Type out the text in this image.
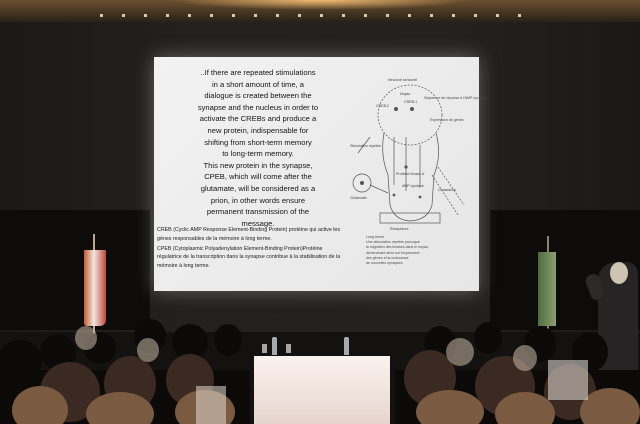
..If there are repeated stimulations
in a short amount of time, a
dialogue is created between the
synapse and the nucleus in order to
activate the CREBs and produce a
new protein, indispensable for
shifting from short-term memory
to long-term memory.
This new protein in the synapse,
CPEB, which will come after the
glutamate, will be considered as a
prion, in other words ensure
permanent transmission of the
message.

CREB (Cyclic AMP Response Element-Binding Protein) protéine qui active les gènes responsables de la mémoire à long terme.

CPEB (Cytoplasmic Polyadenylation Element-Binding Protein)Protéine régulatrice de la transcription dans la synapse contribue à la stabilisation de la mémoire à long terme.

Neurone sensoriel
Noyau
CREB-1
CREB-2
Séquence de réponse à l'AMP cyclique
Expression de gènes
Stimulation répétée
Protéine kinase A
AMP cyclique
Croissance
Glutamate
Récepteurs
Long terme
Une stimulation répétée provoque
la migration des kinases dans le noyau,
déclenchant ainsi sur l'expression
des gènes et la croissance
de nouvelles synapses.
